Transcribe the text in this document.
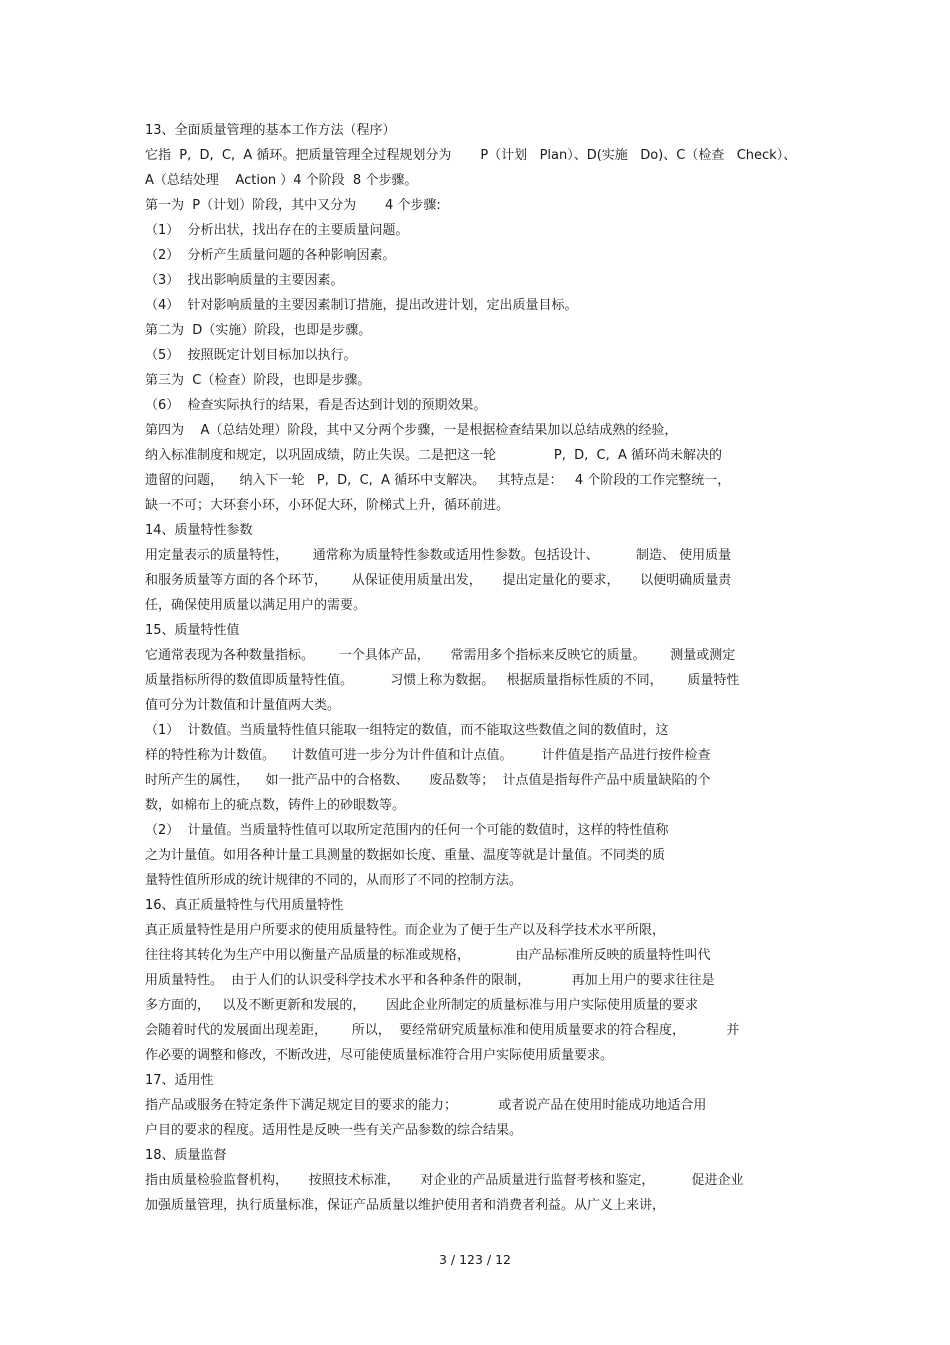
13、全面质量管理的基本工作方法（程序）
它指  P,  D,  C,  A 循环。把质量管理全过程规划分为       P（计划   Plan）、D(实施   Do)、C（检查   Check）、
A（总结处理    Action ）4 个阶段  8 个步骤。
第一为  P（计划）阶段，其中又分为       4 个步骤:
（1）  分析出状，找出存在的主要质量问题。
（2）  分析产生质量问题的各种影响因素。
（3）  找出影响质量的主要因素。
（4）  针对影响质量的主要因素制订措施，提出改进计划，定出质量目标。
第二为  D（实施）阶段，也即是步骤。
（5）  按照既定计划目标加以执行。
第三为  C（检查）阶段，也即是步骤。
（6）  检查实际执行的结果，看是否达到计划的预期效果。
第四为    A（总结处理）阶段，其中又分两个步骤，一是根据检查结果加以总结成熟的经验，
纳入标准制度和规定，以巩固成绩，防止失误。二是把这一轮              P,  D,  C,  A 循环尚未解决的
遗留的问题，    纳入下一轮   P,  D,  C,  A 循环中支解决。   其特点是：   4 个阶段的工作完整统一，
缺一不可；大环套小环，小环促大环，阶梯式上升，循环前进。
14、质量特性参数
用定量表示的质量特性，      通常称为质量特性参数或适用性参数。包括设计、         制造、 使用质量
和服务质量等方面的各个环节，      从保证使用质量出发，     提出定量化的要求，     以便明确质量责
任，确保使用质量以满足用户的需要。
15、质量特性值
它通常表现为各种数量指标。      一个具体产品，     常需用多个指标来反映它的质量。      测量或测定
质量指标所得的数值即质量特性值。         习惯上称为数据。   根据质量指标性质的不同，      质量特性
值可分为计数值和计量值两大类。
（1）  计数值。当质量特性值只能取一组特定的数值，而不能取这些数值之间的数值时，这
样的特性称为计数值。    计数值可进一步分为计件值和计点值。       计件值是指产品进行按件检查
时所产生的属性，    如一批产品中的合格数、     废品数等；  计点值是指每件产品中质量缺陷的个
数，如棉布上的疵点数，铸件上的砂眼数等。
（2）  计量值。当质量特性值可以取所定范围内的任何一个可能的数值时，这样的特性值称
之为计量值。如用各种计量工具测量的数据如长度、重量、温度等就是计量值。不同类的质
量特性值所形成的统计规律的不同的，从而形了不同的控制方法。
16、真正质量特性与代用质量特性
真正质量特性是用户所要求的使用质量特性。而企业为了便于生产以及科学技术水平所限，
往往将其转化为生产中用以衡量产品质量的标准或规格，           由产品标准所反映的质量特性叫代
用质量特性。  由于人们的认识受科学技术水平和各种条件的限制，          再加上用户的要求往往是
多方面的，   以及不断更新和发展的，     因此企业所制定的质量标准与用户实际使用质量的要求
会随着时代的发展面出现差距，      所以，  要经常研究质量标准和使用质量要求的符合程度，          并
作必要的调整和修改，不断改进，尽可能使质量标准符合用户实际使用质量要求。
17、适用性
指产品或服务在特定条件下满足规定目的要求的能力；          或者说产品在使用时能成功地适合用
户目的要求的程度。适用性是反映一些有关产品参数的综合结果。
18、质量监督
指由质量检验监督机构，     按照技术标准，     对企业的产品质量进行监督考核和鉴定，         促进企业
加强质量管理，执行质量标准，保证产品质量以维护使用者和消费者利益。从广义上来讲，
3 / 123 / 12
